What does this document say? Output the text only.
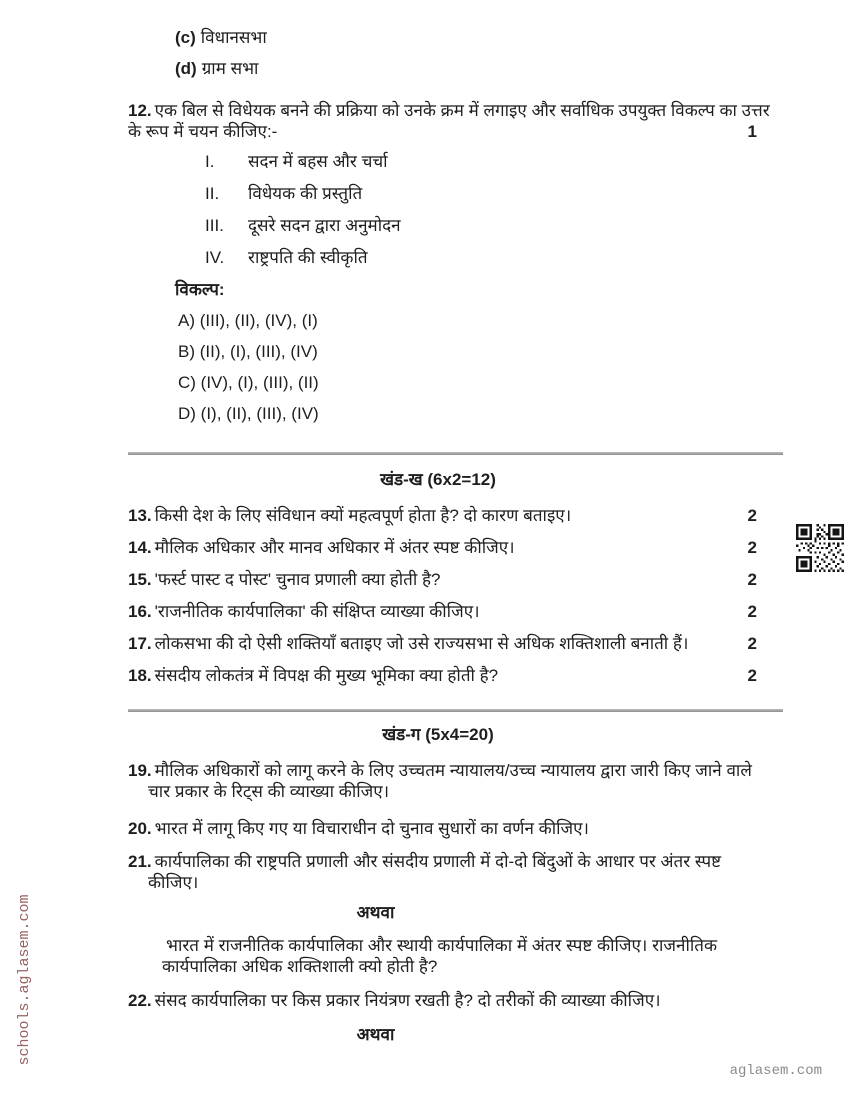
schools.aglasem.com
(c) विधानसभा
(d) ग्राम सभा
12. एक बिल से विधेयक बनने की प्रक्रिया को उनके क्रम में लगाइए और सर्वाधिक उपयुक्त विकल्प का उत्तर के रूप में चयन कीजिए:-	1
I.	सदन में बहस और चर्चा
II.	विधेयक की प्रस्तुति
III.	दूसरे सदन द्वारा अनुमोदन
IV.	राष्ट्रपति की स्वीकृति
विकल्प:
A) (III), (II), (IV), (I)
B) (II), (I), (III), (IV)
C) (IV), (I), (III), (II)
D) (I), (II), (III), (IV)
खंड-ख (6x2=12)
13. किसी देश के लिए संविधान क्यों महत्वपूर्ण होता है? दो कारण बताइए।	2
14. मौलिक अधिकार और मानव अधिकार में अंतर स्पष्ट कीजिए।	2
15. 'फर्स्ट पास्ट द पोस्ट' चुनाव प्रणाली क्या होती है?	2
16. 'राजनीतिक कार्यपालिका' की संक्षिप्त व्याख्या कीजिए।	2
17. लोकसभा की दो ऐसी शक्तियाँ बताइए जो उसे राज्यसभा से अधिक शक्तिशाली बनाती हैं।	2
18. संसदीय लोकतंत्र में विपक्ष की मुख्य भूमिका क्या होती है?	2
खंड-ग (5x4=20)
19. मौलिक अधिकारों को लागू करने के लिए उच्चतम न्यायालय/उच्च न्यायालय द्वारा जारी किए जाने वाले चार प्रकार के रिट्स की व्याख्या कीजिए।
20. भारत में लागू किए गए या विचाराधीन दो चुनाव सुधारों का वर्णन कीजिए।
21. कार्यपालिका की राष्ट्रपति प्रणाली और संसदीय प्रणाली में दो-दो बिंदुओं के आधार पर अंतर स्पष्ट कीजिए।
अथवा
भारत में राजनीतिक कार्यपालिका और स्थायी कार्यपालिका में अंतर स्पष्ट कीजिए। राजनीतिक कार्यपालिका अधिक शक्तिशाली क्यो होती है?
22. संसद कार्यपालिका पर किस प्रकार नियंत्रण रखती है? दो तरीकों की व्याख्या कीजिए।
अथवा
aglasem.com
